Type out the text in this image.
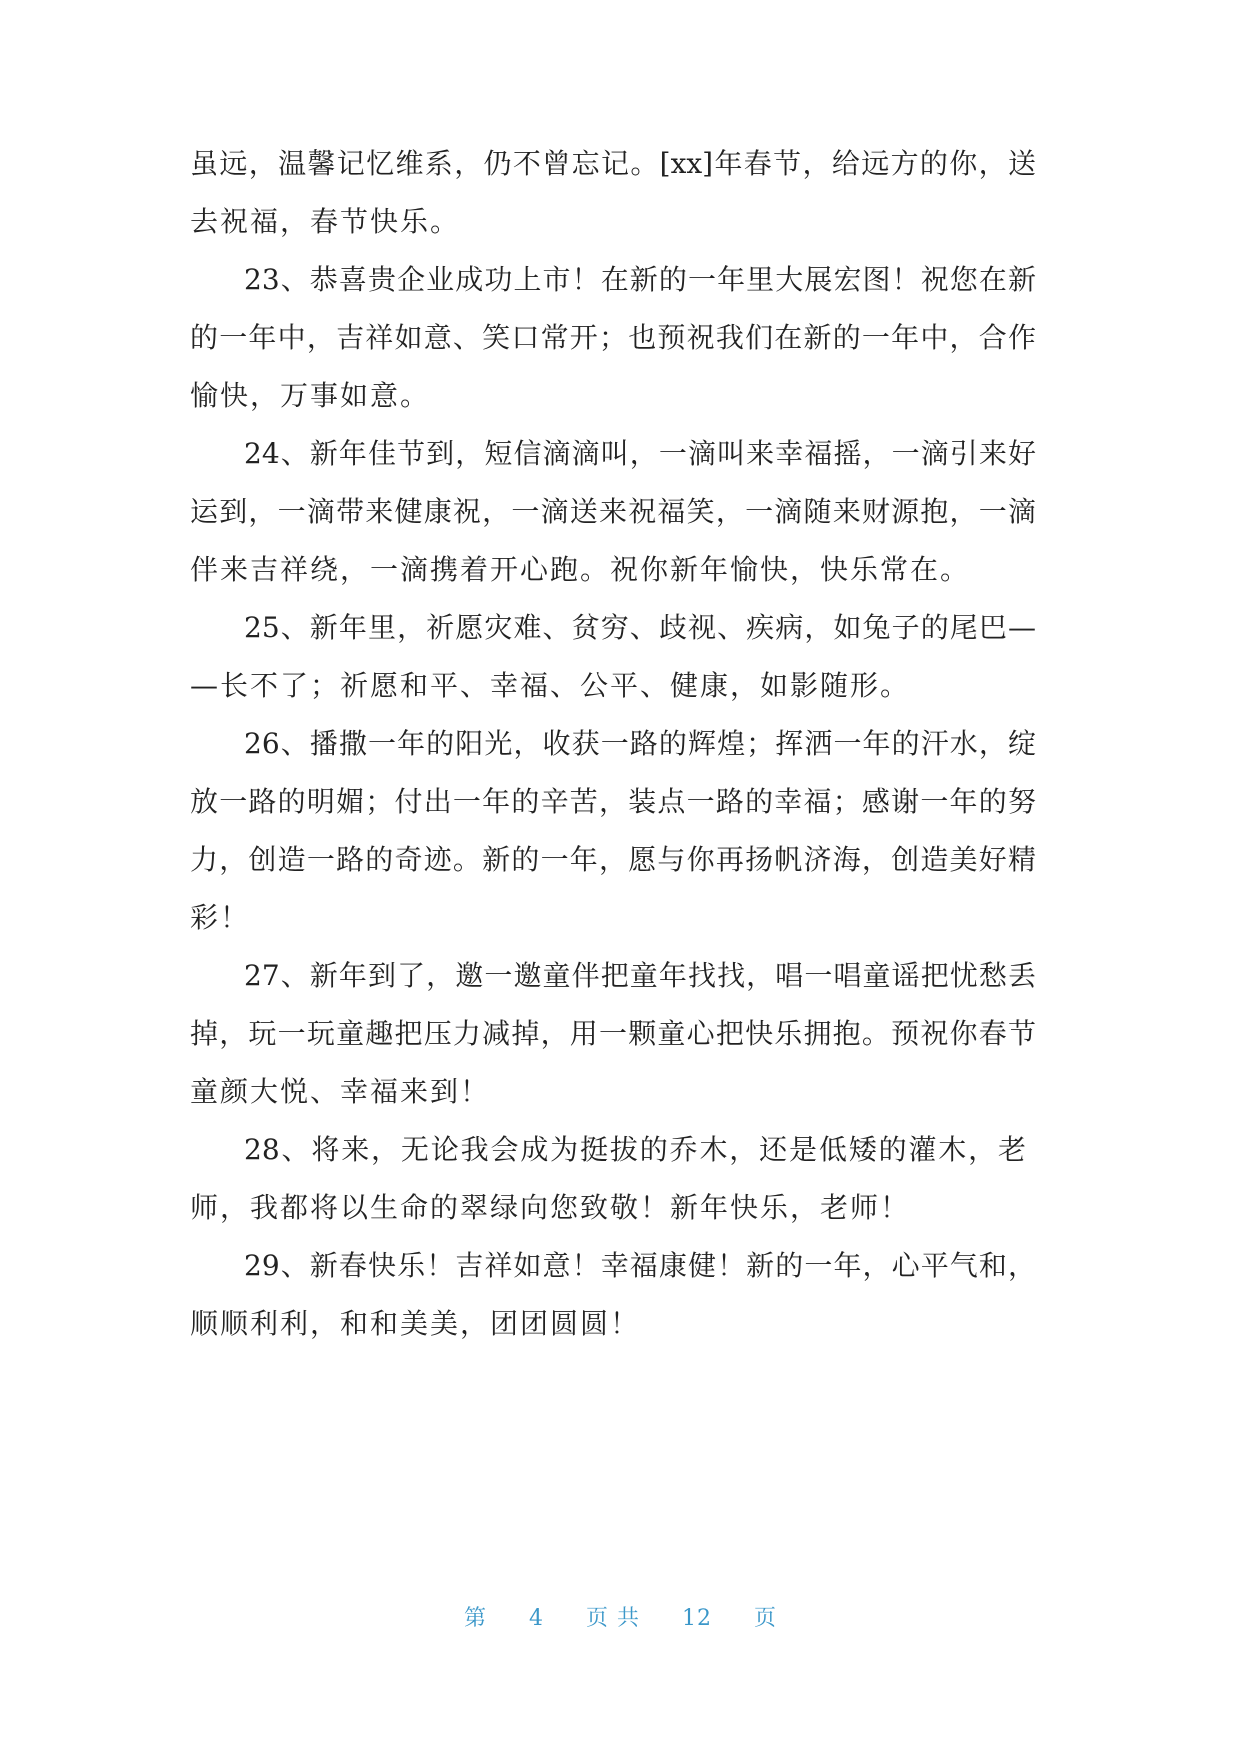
虽远，温馨记忆维系，仍不曾忘记。[xx]年春节，给远方的你，送
去祝福，春节快乐。
23、恭喜贵企业成功上市！在新的一年里大展宏图！祝您在新
的一年中，吉祥如意、笑口常开；也预祝我们在新的一年中，合作
愉快，万事如意。
24、新年佳节到，短信滴滴叫，一滴叫来幸福摇，一滴引来好
运到，一滴带来健康祝，一滴送来祝福笑，一滴随来财源抱，一滴
伴来吉祥绕，一滴携着开心跑。祝你新年愉快，快乐常在。
25、新年里，祈愿灾难、贫穷、歧视、疾病，如兔子的尾巴—
—长不了；祈愿和平、幸福、公平、健康，如影随形。
26、播撒一年的阳光，收获一路的辉煌；挥洒一年的汗水，绽
放一路的明媚；付出一年的辛苦，装点一路的幸福；感谢一年的努
力，创造一路的奇迹。新的一年，愿与你再扬帆济海，创造美好精
彩！
27、新年到了，邀一邀童伴把童年找找，唱一唱童谣把忧愁丢
掉，玩一玩童趣把压力减掉，用一颗童心把快乐拥抱。预祝你春节
童颜大悦、幸福来到！
28、将来，无论我会成为挺拔的乔木，还是低矮的灌木，老
师，我都将以生命的翠绿向您致敬！新年快乐，老师！
29、新春快乐！吉祥如意！幸福康健！新的一年，心平气和，
顺顺利利，和和美美，团团圆圆！
第 4 页 共 12 页
